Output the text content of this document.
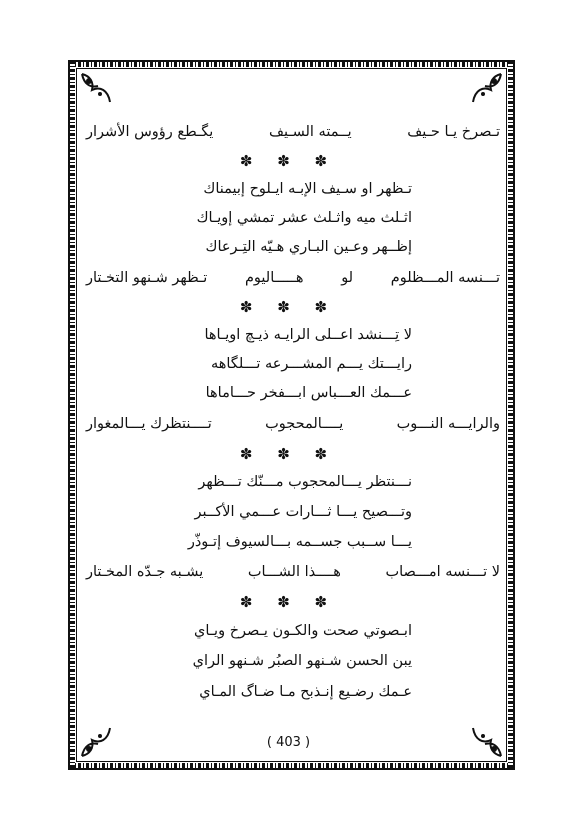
تـصرخ يـا حـيف
يــمته السـيف
يگـطع رؤوس الأشرار
✽ ✽ ✽
تـظهر او سـيف الإبـه ايـلوح إبيمناك
اثـلث ميه واثـلث عشر تمشي إويـاك
إظــهر وعـين البـاري هـيّه التِـرعاك
تـــنسه المـــظلوم
لو
هـــــاليوم
تـظهر شـنهو التخـتار
✽ ✽ ✽
لا تِـــنشد اعــلى الرايـه ذيـچ اويـاها
رايـــتك يـــم المشـــرعه تـــلگاهه
عـــمك العـــباس ابـــفخر حـــاماها
والرايـــه النـــوب
يــــالمحجوب
تــــنتظرك يـــالمغوار
✽ ✽ ✽
نـــنتظر يـــالمحجوب مـــنّك تـــظهر
وتـــصيح يـــا ثـــارات عـــمي الأكــبر
يـــا ســبب جســمه بـــالسيوف إتـوذّر
لا تـــنسه امـــصاب
هــــذا الشـــاب
يشـبه جـدّه المخـتار
✽ ✽ ✽
ابـصوتي صحت والكـون يـصرخ ويـاي
يبن الحسن شـنهو الصبُر شـنهو الراي
عـمك رضـيع إنـذبح مـا ضـاگ المـاي
( 403 )
